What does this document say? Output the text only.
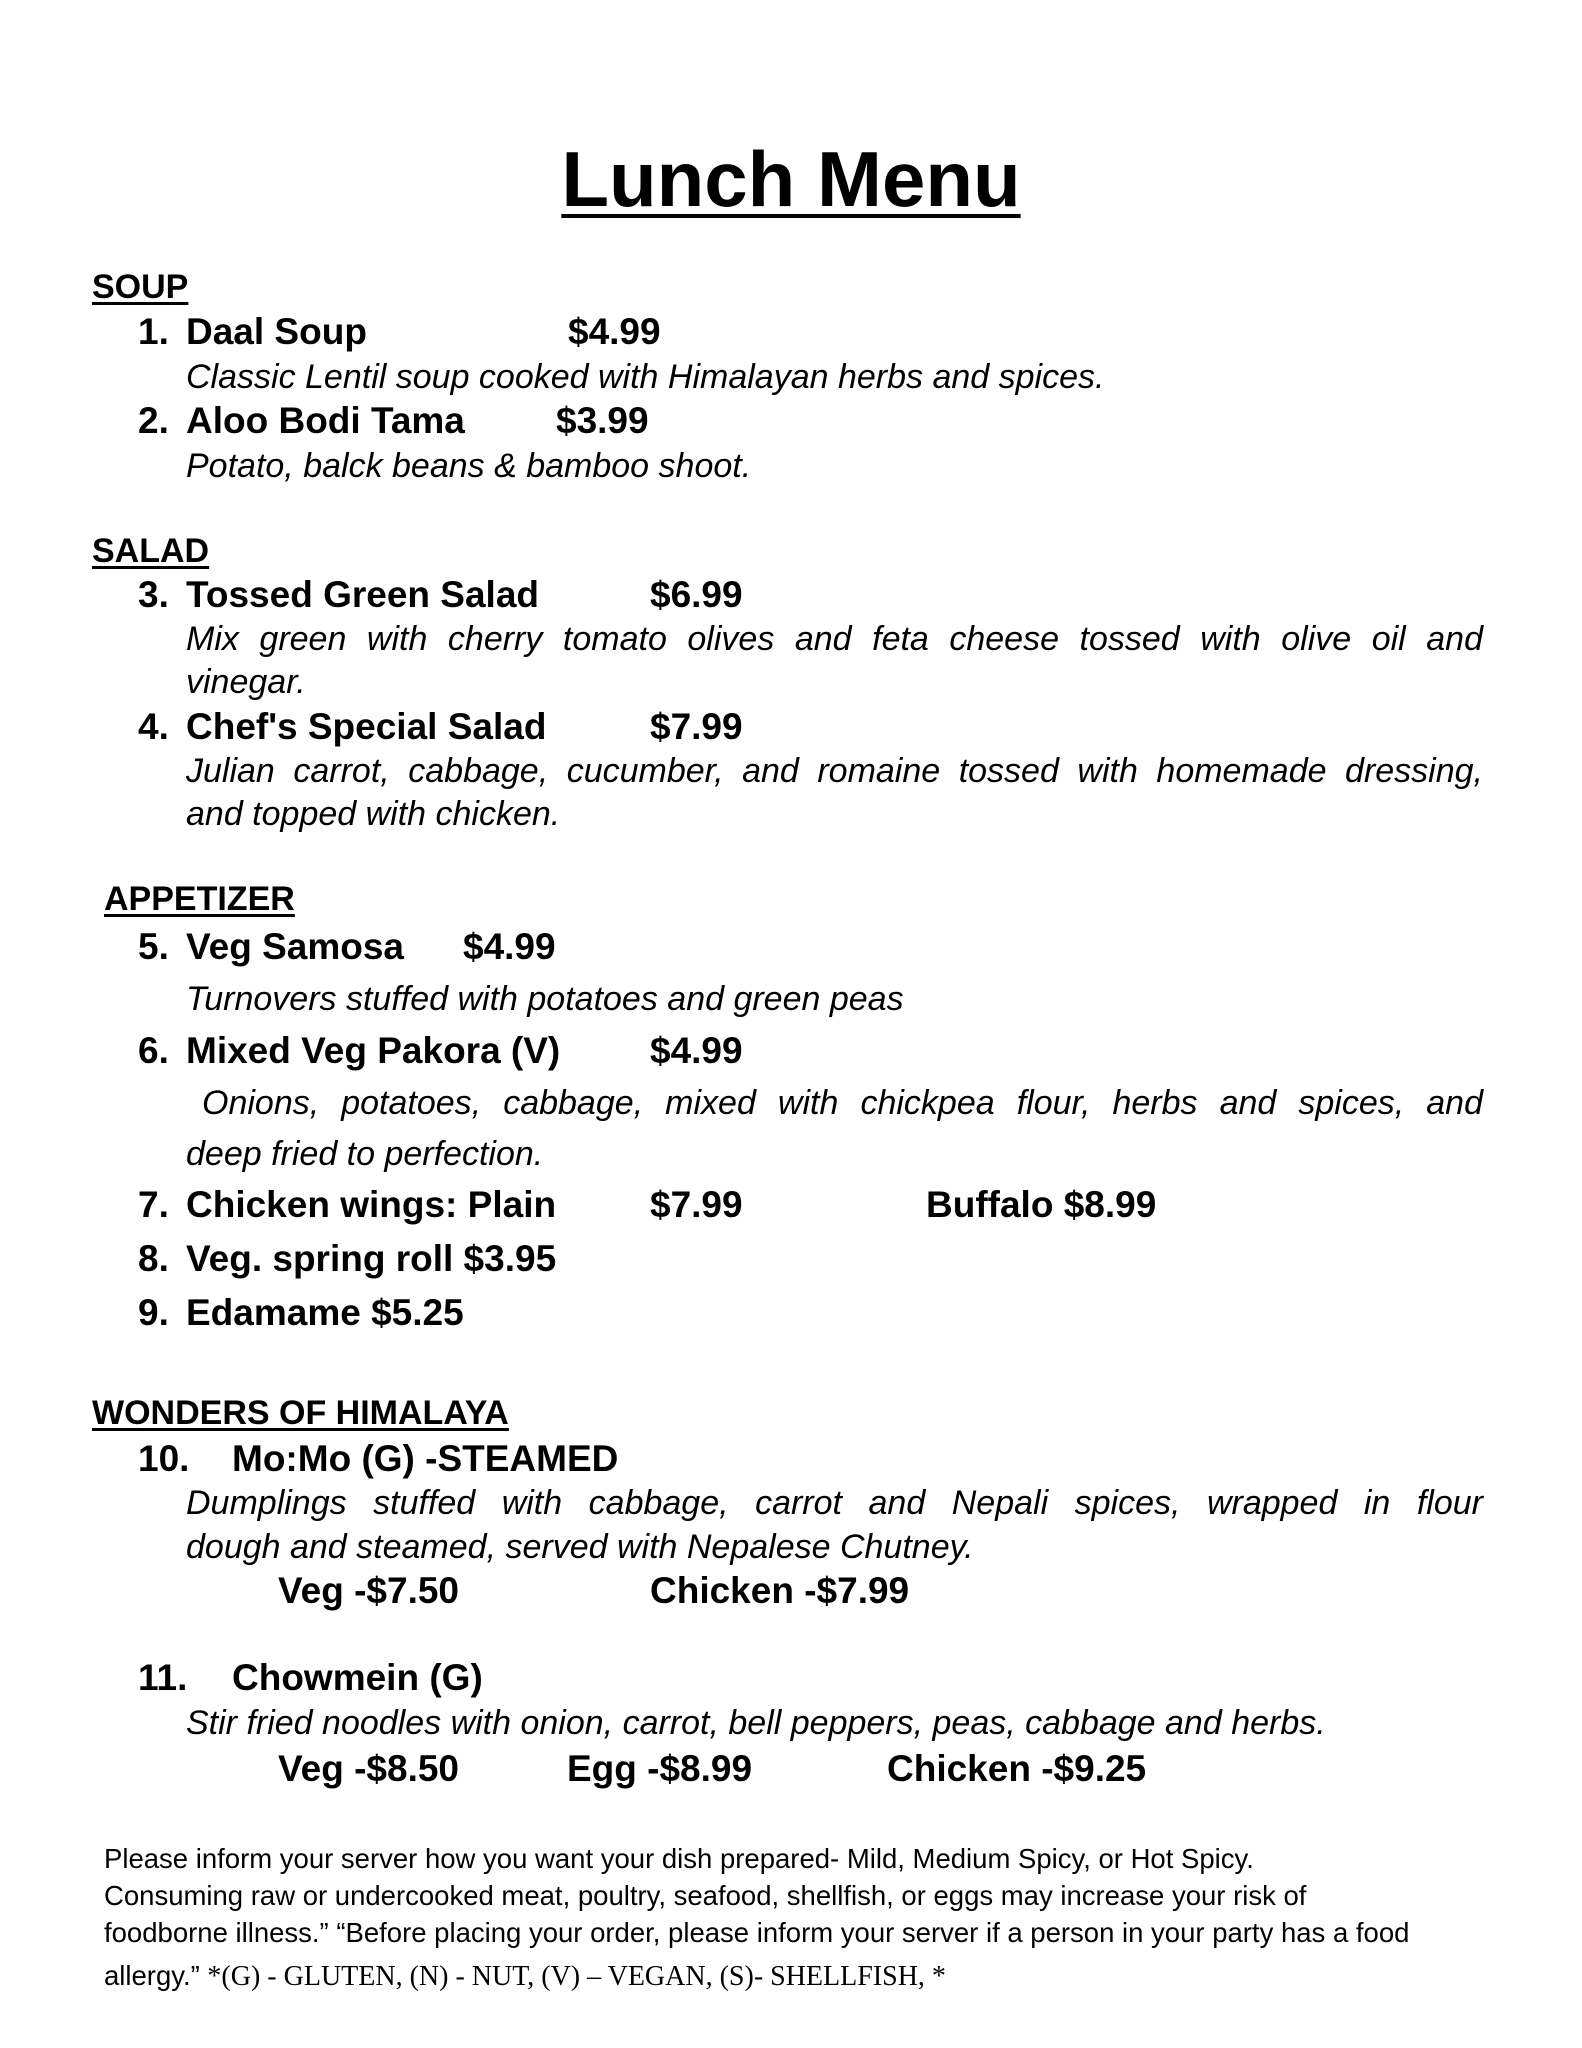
Lunch Menu
SOUP
1. Daal Soup	$4.99
Classic Lentil soup cooked with Himalayan herbs and spices.
2. Aloo Bodi Tama $3.99
Potato, balck beans & bamboo shoot.
SALAD
3. Tossed Green Salad	$6.99
Mix green with cherry tomato olives and feta cheese tossed with olive oil and
vinegar.
4. Chef's Special Salad	$7.99
Julian carrot, cabbage, cucumber, and romaine tossed with homemade dressing,
and topped with chicken.
APPETIZER
5. Veg Samosa $4.99
Turnovers stuffed with potatoes and green peas
6. Mixed Veg Pakora (V) $4.99
Onions, potatoes, cabbage, mixed with chickpea flour, herbs and spices, and
deep fried to perfection.
7. Chicken wings: Plain	$7.99	Buffalo $8.99
8. Veg. spring roll $3.95
9. Edamame $5.25
WONDERS OF HIMALAYA
10. Mo:Mo (G) -STEAMED
Dumplings stuffed with cabbage, carrot and Nepali spices, wrapped in flour
dough and steamed, served with Nepalese Chutney.
Veg -$7.50	Chicken -$7.99
11. Chowmein (G)
Stir fried noodles with onion, carrot, bell peppers, peas, cabbage and herbs.
Veg -$8.50	Egg -$8.99	Chicken -$9.25
Please inform your server how you want your dish prepared- Mild, Medium Spicy, or Hot Spicy.
Consuming raw or undercooked meat, poultry, seafood, shellfish, or eggs may increase your risk of
foodborne illness.” “Before placing your order, please inform your server if a person in your party has a food
allergy.” *(G) - GLUTEN, (N) - NUT, (V) – VEGAN, (S)- SHELLFISH, *
